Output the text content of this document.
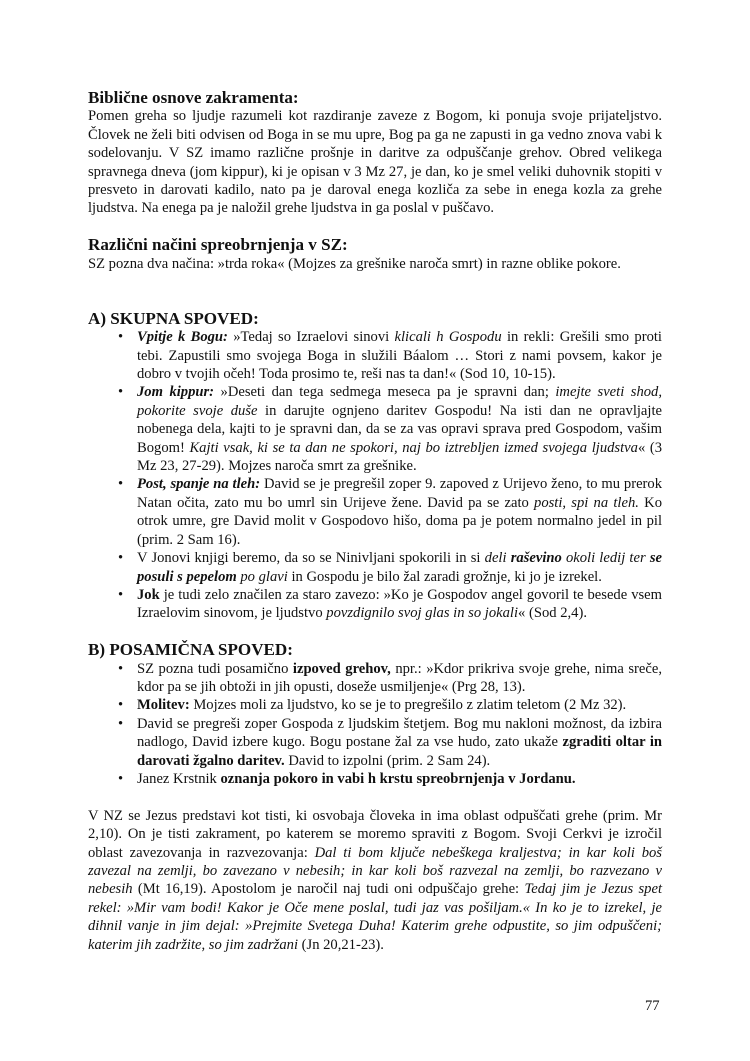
Biblične osnove zakramenta:

Pomen greha so ljudje razumeli kot razdiranje zaveze z Bogom, ki ponuja svoje prijateljstvo. Človek ne želi biti odvisen od Boga in se mu upre, Bog pa ga ne zapusti in ga vedno znova vabi k sodelovanju. V SZ imamo različne prošnje in daritve za odpuščanje grehov. Obred velikega spravnega dneva (jom kippur), ki je opisan v 3 Mz 27, je dan, ko je smel veliki duhovnik stopiti v presveto in darovati kadilo, nato pa je daroval enega kozliča za sebe in enega kozla za grehe ljudstva. Na enega pa je naložil grehe ljudstva in ga poslal v puščavo.

Različni načini spreobrnjenja v SZ:

SZ pozna dva načina: »trda roka« (Mojzes za grešnike naroča smrt) in razne oblike pokore.

A) SKUPNA SPOVED:
• Vpitje k Bogu: »Tedaj so Izraelovi sinovi klicali h Gospodu in rekli: Grešili smo proti tebi. Zapustili smo svojega Boga in služili Báalom … Stori z nami povsem, kakor je dobro v tvojih očeh! Toda prosimo te, reši nas ta dan!« (Sod 10, 10-15).
• Jom kippur: »Deseti dan tega sedmega meseca pa je spravni dan; imejte sveti shod, pokorite svoje duše in darujte ognjeno daritev Gospodu! Na isti dan ne opravljajte nobenega dela, kajti to je spravni dan, da se za vas opravi sprava pred Gospodom, vašim Bogom! Kajti vsak, ki se ta dan ne spokori, naj bo iztrebljen izmed svojega ljudstva« (3 Mz 23, 27-29). Mojzes naroča smrt za grešnike.
• Post, spanje na tleh: David se je pregrešil zoper 9. zapoved z Urijevo ženo, to mu prerok Natan očita, zato mu bo umrl sin Urijeve žene. David pa se zato posti, spi na tleh. Ko otrok umre, gre David molit v Gospodovo hišo, doma pa je potem normalno jedel in pil (prim. 2 Sam 16).
• V Jonovi knjigi beremo, da so se Ninivljani spokorili in si deli raševino okoli ledij ter se posuli s pepelom po glavi in Gospodu je bilo žal zaradi grožnje, ki jo je izrekel.
• Jok je tudi zelo značilen za staro zavezo: »Ko je Gospodov angel govoril te besede vsem Izraelovim sinovom, je ljudstvo povzdignilo svoj glas in so jokali« (Sod 2,4).
B) POSAMIČNA SPOVED:
• SZ pozna tudi posamično izpoved grehov, npr.: »Kdor prikriva svoje grehe, nima sreče, kdor pa se jih obtoži in jih opusti, doseže usmiljenje« (Prg 28, 13).
• Molitev: Mojzes moli za ljudstvo, ko se je to pregrešilo z zlatim teletom (2 Mz 32).
• David se pregreši zoper Gospoda z ljudskim štetjem. Bog mu nakloni možnost, da izbira nadlogo, David izbere kugo. Bogu postane žal za vse hudo, zato ukaže zgraditi oltar in darovati žgalno daritev. David to izpolni (prim. 2 Sam 24).
• Janez Krstnik oznanja pokoro in vabi h krstu spreobrnjenja v Jordanu.

V NZ se Jezus predstavi kot tisti, ki osvobaja človeka in ima oblast odpuščati grehe (prim. Mr 2,10). On je tisti zakrament, po katerem se moremo spraviti z Bogom. Svoji Cerkvi je izročil oblast zavezovanja in razvezovanja: Dal ti bom ključe nebeškega kraljestva; in kar koli boš zavezal na zemlji, bo zavezano v nebesih; in kar koli boš razvezal na zemlji, bo razvezano v nebesih (Mt 16,19). Apostolom je naročil naj tudi oni odpuščajo grehe: Tedaj jim je Jezus spet rekel: »Mir vam bodi! Kakor je Oče mene poslal, tudi jaz vas pošiljam.« In ko je to izrekel, je dihnil vanje in jim dejal: »Prejmite Svetega Duha! Katerim grehe odpustite, so jim odpuščeni; katerim jih zadržite, so jim zadržani (Jn 20,21-23).

77
